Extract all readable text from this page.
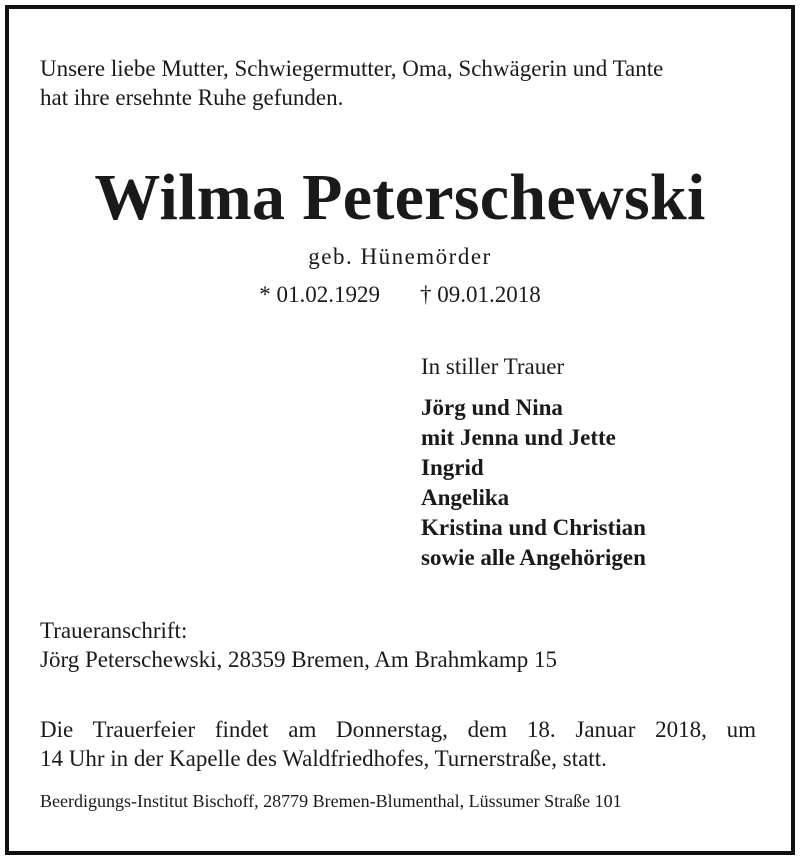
Unsere liebe Mutter, Schwiegermutter, Oma, Schwägerin und Tante
hat ihre ersehnte Ruhe gefunden.
Wilma Peterschewski
geb. Hünemörder
* 01.02.1929 † 09.01.2018
In stiller Trauer
Jörg und Nina
mit Jenna und Jette
Ingrid
Angelika
Kristina und Christian
sowie alle Angehörigen
Traueranschrift:
Jörg Peterschewski, 28359 Bremen, Am Brahmkamp 15
Die Trauerfeier findet am Donnerstag, dem 18. Januar 2018, um
14 Uhr in der Kapelle des Waldfriedhofes, Turnerstraße, statt.
Beerdigungs-Institut Bischoff, 28779 Bremen-Blumenthal, Lüssumer Straße 101
